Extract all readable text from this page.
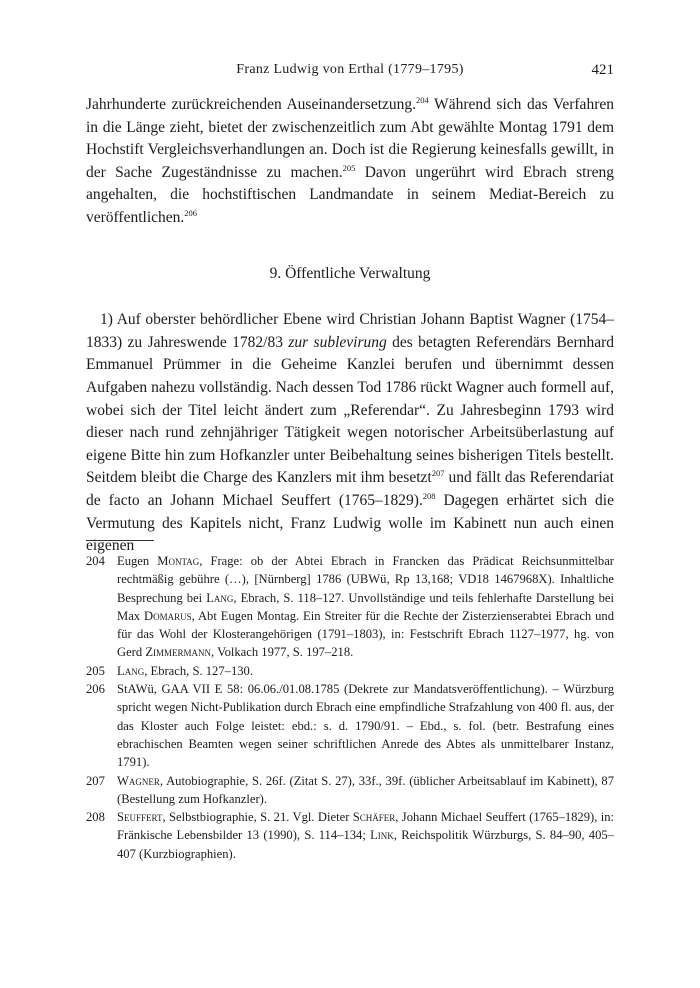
Franz Ludwig von Erthal (1779–1795)	421

Jahrhunderte zurückreichenden Auseinandersetzung.$^{204}$ Während sich das Verfahren in die Länge zieht, bietet der zwischenzeitlich zum Abt gewählte Montag 1791 dem Hochstift Vergleichsverhandlungen an. Doch ist die Regierung keinesfalls gewillt, in der Sache Zugeständnisse zu machen.$^{205}$ Davon ungerührt wird Ebrach streng angehalten, die hochstiftischen Landmandate in seinem Mediat-Bereich zu veröffentlichen.$^{206}$

9. Öffentliche Verwaltung

1) Auf oberster behördlicher Ebene wird Christian Johann Baptist Wagner (1754–1833) zu Jahreswende 1782/83 zur sublevirung des betagten Referendärs Bernhard Emmanuel Prümmer in die Geheime Kanzlei berufen und übernimmt dessen Aufgaben nahezu vollständig. Nach dessen Tod 1786 rückt Wagner auch formell auf, wobei sich der Titel leicht ändert zum „Referendar“. Zu Jahresbeginn 1793 wird dieser nach rund zehnjähriger Tätigkeit wegen notorischer Arbeitsüberlastung auf eigene Bitte hin zum Hofkanzler unter Beibehaltung seines bisherigen Titels bestellt. Seitdem bleibt die Charge des Kanzlers mit ihm besetzt$^{207}$ und fällt das Referendariat de facto an Johann Michael Seuffert (1765–1829).$^{208}$ Dagegen erhärtet sich die Vermutung des Kapitels nicht, Franz Ludwig wolle im Kabinett nun auch einen eigenen

204 Eugen Montag, Frage: ob der Abtei Ebrach in Francken das Prädicat Reichsunmittelbar rechtmäßig gebühre (…), [Nürnberg] 1786 (UBWü, Rp 13,168; VD18 1467968X). Inhaltliche Besprechung bei Lang, Ebrach, S. 118–127. Unvollständige und teils fehlerhafte Darstellung bei Max Domarus, Abt Eugen Montag. Ein Streiter für die Rechte der Zisterzienserabtei Ebrach und für das Wohl der Klosterangehörigen (1791–1803), in: Festschrift Ebrach 1127–1977, hg. von Gerd Zimmermann, Volkach 1977, S. 197–218.
205 Lang, Ebrach, S. 127–130.
206 StAWü, GAA VII E 58: 06.06./01.08.1785 (Dekrete zur Mandatsveröffentlichung). – Würzburg spricht wegen Nicht-Publikation durch Ebrach eine empfindliche Strafzahlung von 400 fl. aus, der das Kloster auch Folge leistet: ebd.: s. d. 1790/91. – Ebd., s. fol. (betr. Bestrafung eines ebrachischen Beamten wegen seiner schriftlichen Anrede des Abtes als unmittelbarer Instanz, 1791).
207 Wagner, Autobiographie, S. 26f. (Zitat S. 27), 33f., 39f. (üblicher Arbeitsablauf im Kabinett), 87 (Bestellung zum Hofkanzler).
208 Seuffert, Selbstbiographie, S. 21. Vgl. Dieter Schäfer, Johann Michael Seuffert (1765–1829), in: Fränkische Lebensbilder 13 (1990), S. 114–134; Link, Reichspolitik Würzburgs, S. 84–90, 405–407 (Kurzbiographien).
